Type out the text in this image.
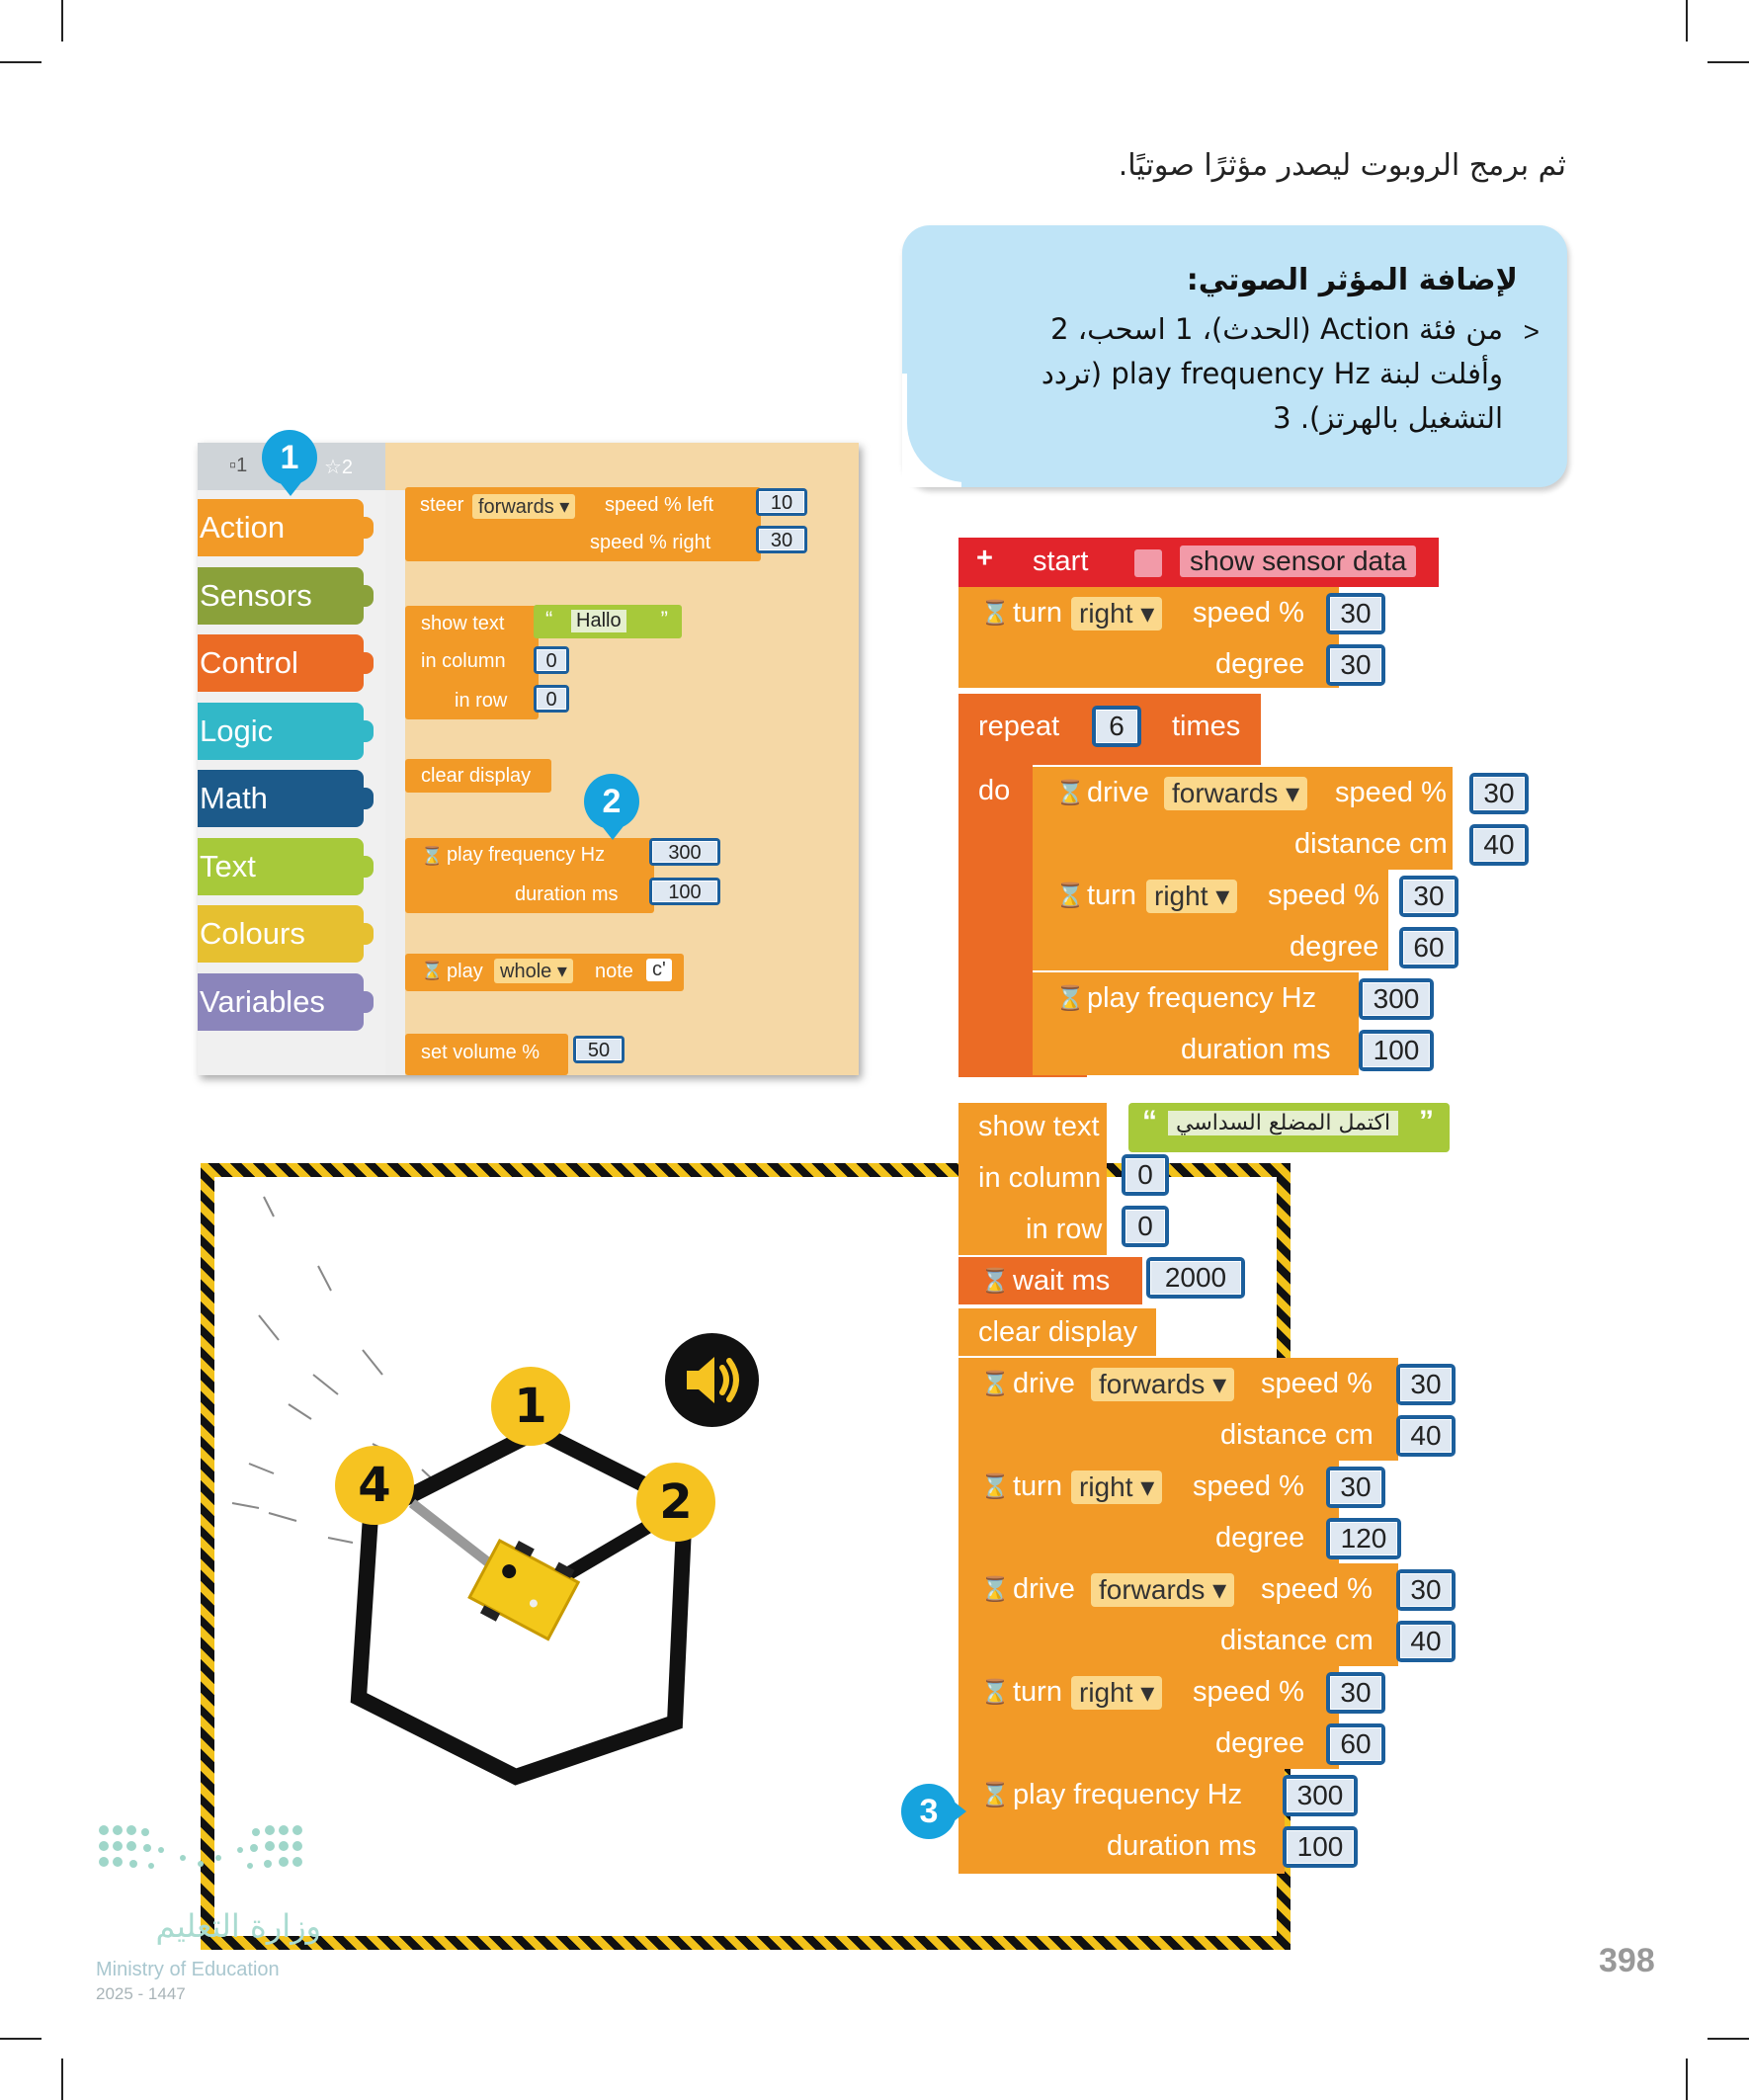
ثم برمج الروبوت ليصدر مؤثرًا صوتيًا.
لإضافة المؤثر الصوتي:
>
من فئة Action (الحدث)، 1 اسحب، 2
وأفلت لبنة play frequency Hz (تردد
التشغيل بالهرتز). 3
▫1	☆2
Action
Sensors
Control
Logic
Math
Text
Colours
Variables
steer forwards ▾	speed % left
speed % right
10
30
show text
in column
in row
“ Hallo ”
0
0
clear display
⌛ play frequency Hz
duration ms
300
100
⌛ play whole ▾	note c'
set volume %	50
1
2
1
2
4
+ start	show sensor data
⌛ turn right ▾ speed %
degree
30
30
repeat	6	times
do ⌛ drive forwards ▾ speed %
distance cm
30
40
⌛ turn right ▾ speed %
degree
30
60
⌛ play frequency Hz
duration ms
300
100
show text
in column
in row
“ اكتمل المضلع السداسي ”
0
0
⌛ wait ms	2000
clear display
⌛ drive forwards ▾ speed %
distance cm
30
40
⌛ turn right ▾ speed %
degree
30
120
⌛ drive forwards ▾ speed %
distance cm
30
40
⌛ turn right ▾ speed %
degree
30
60
⌛ play frequency Hz
duration ms
300
100
3
وزارة التعليم
Ministry of Education
2025 - 1447
398
